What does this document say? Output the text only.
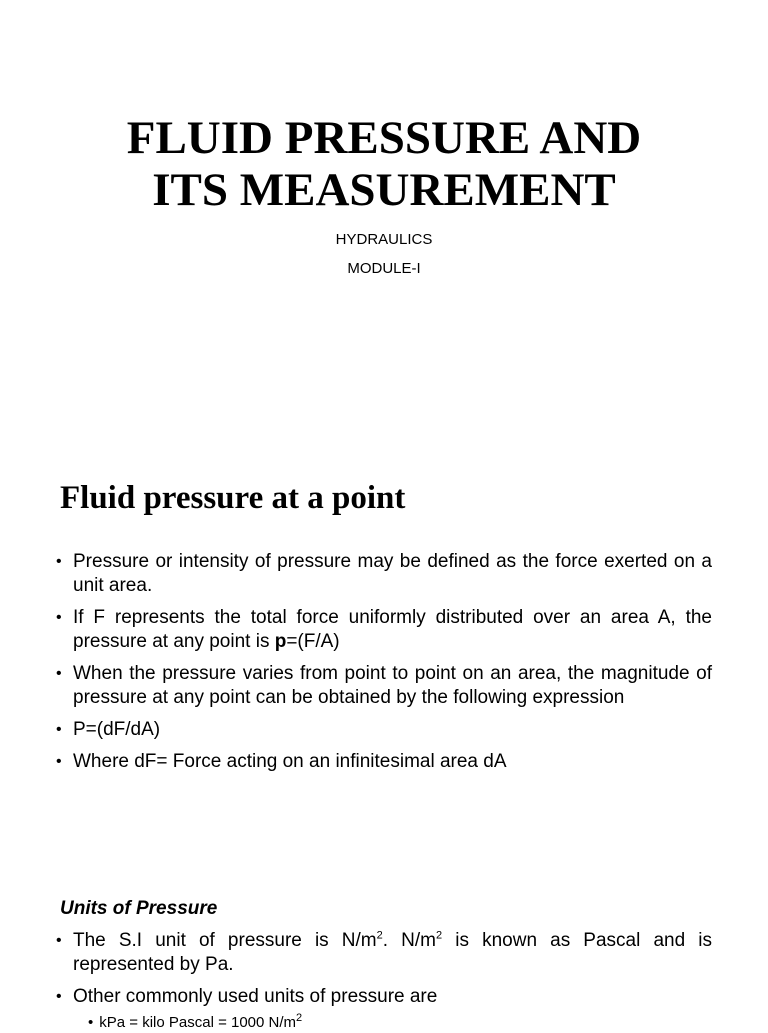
FLUID PRESSURE AND
ITS MEASUREMENT

HYDRAULICS

MODULE-I

Fluid pressure at a point
• Pressure or intensity of pressure may be defined as the force exerted on a unit area.
• If F represents the total force uniformly distributed over an area A, the pressure at any point is p=(F/A)
• When the pressure varies from point to point on an area, the magnitude of pressure at any point can be obtained by the following expression
• P=(dF/dA)
• Where dF= Force acting on an infinitesimal area dA
Units of Pressure
• The S.I unit of pressure is $N/m^2$. $N/m^2$ is known as Pascal and is represented by Pa.
• Other commonly used units of pressure are

• kPa = kilo Pascal = 1000 $N/m^2$
